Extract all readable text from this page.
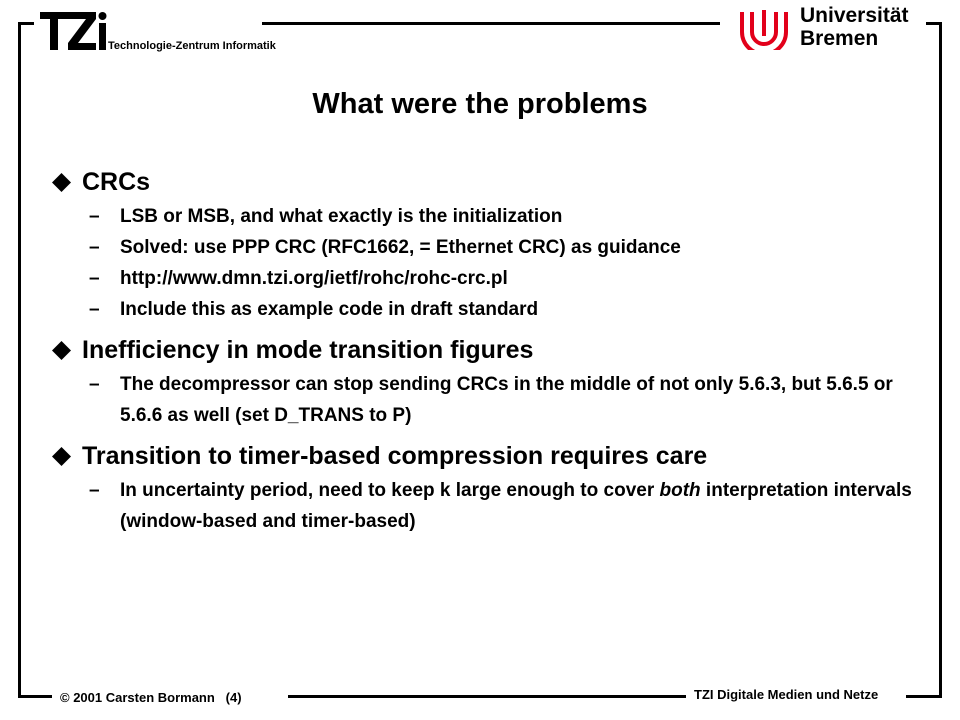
Technologie-Zentrum Informatik
Universität
Bremen
What were the problems
CRCs
– LSB or MSB, and what exactly is the initialization
– Solved: use PPP CRC (RFC1662, = Ethernet CRC) as guidance
– http://www.dmn.tzi.org/ietf/rohc/rohc-crc.pl
– Include this as example code in draft standard
Inefficiency in mode transition figures
– The decompressor can stop sending CRCs in the middle of not only 5.6.3, but 5.6.5 or 5.6.6 as well (set D_TRANS to P)
Transition to timer-based compression requires care
– In uncertainty period, need to keep k large enough to cover both interpretation intervals (window-based and timer-based)
© 2001 Carsten Bormann   (4)	TZI Digitale Medien und Netze
